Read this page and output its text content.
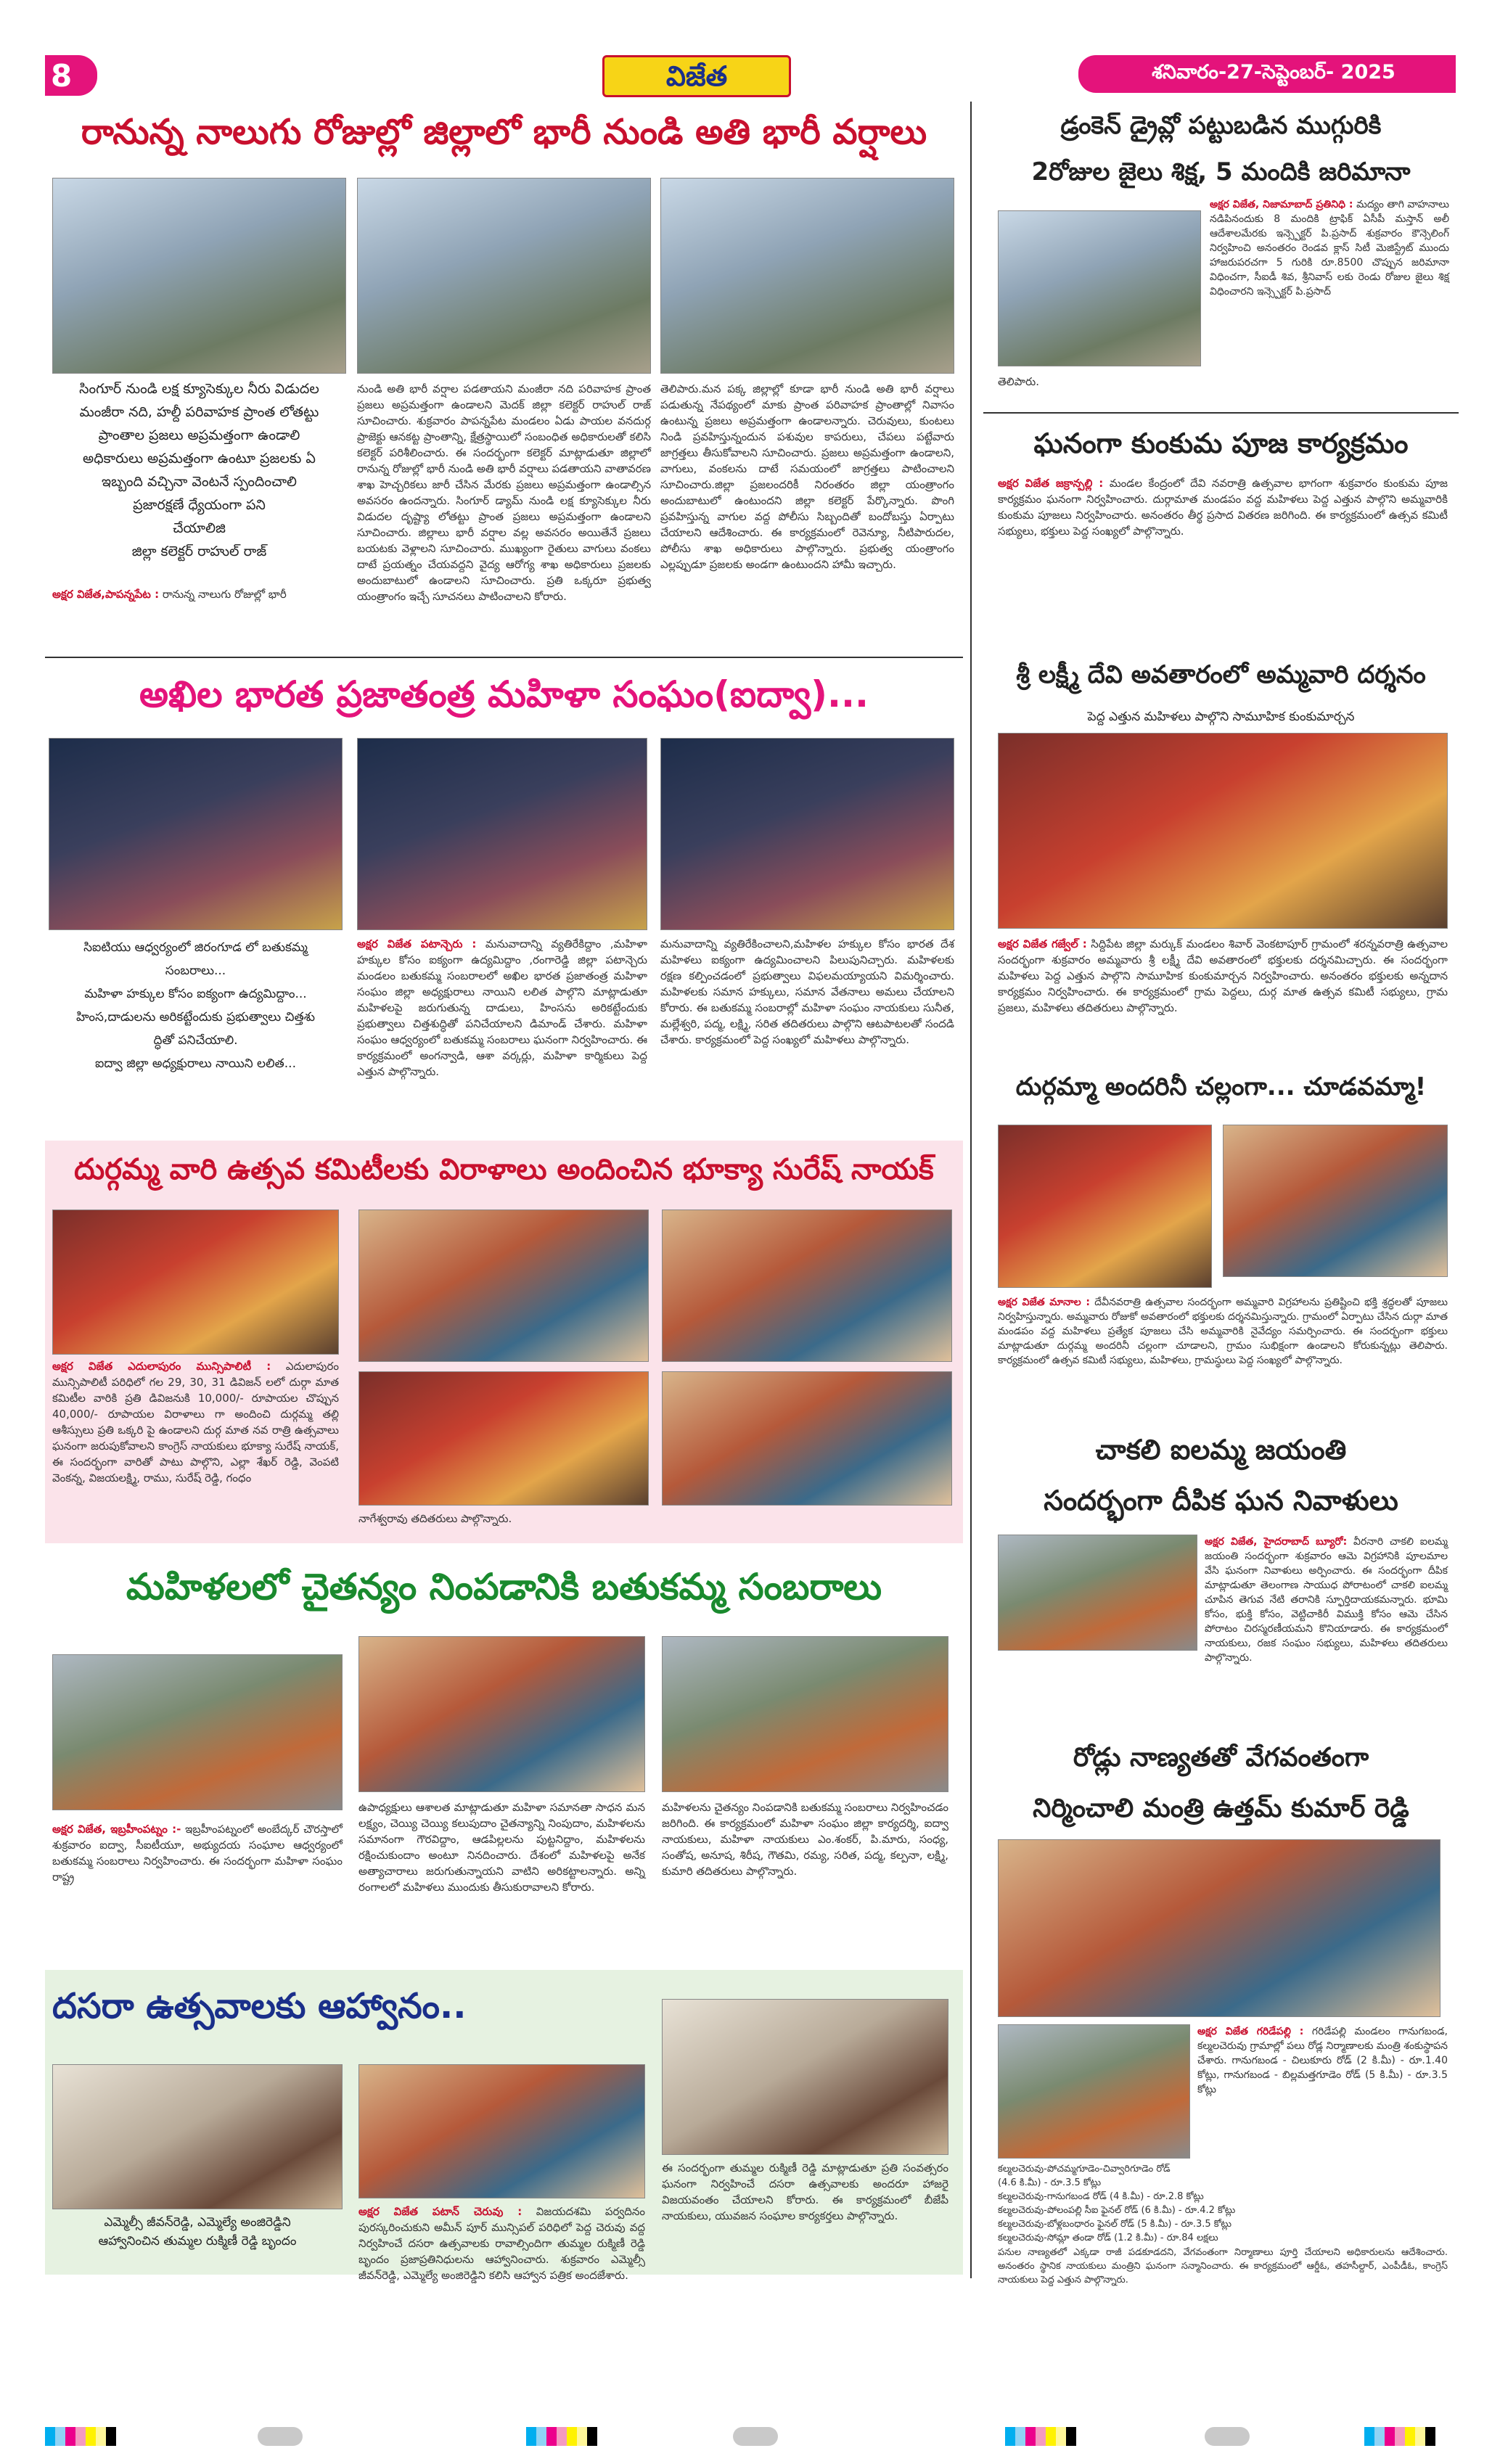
8	విజేత	శనివారం-27-సెప్టెంబర్- 2025
రానున్న నాలుగు రోజుల్లో జిల్లాలో భారీ నుండి అతి భారీ వర్షాలు
సింగూర్ నుండి లక్ష క్యూసెక్కుల నీరు విడుదల
మంజీరా నది, హల్దీ పరివాహక ప్రాంత లోతట్టు
ప్రాంతాల ప్రజలు అప్రమత్తంగా ఉండాలి
అధికారులు అప్రమత్తంగా ఉంటూ ప్రజలకు ఏ
ఇబ్బంది వచ్చినా వెంటనే స్పందించాలి
ప్రజారక్షణే ధ్యేయంగా పని
చేయాలిజి
జిల్లా కలెక్టర్ రాహుల్ రాజ్
అక్షర విజేత,పాపన్నపేట : రానున్న నాలుగు రోజుల్లో భారీ
నుండి అతి భారీ వర్షాల పడతాయని మంజీరా నది పరివాహక ప్రాంత ప్రజలు అప్రమత్తంగా ఉండాలని మెదక్ జిల్లా కలెక్టర్ రాహుల్ రాజ్ సూచించారు. శుక్రవారం పాపన్నపేట మండలం ఏడు పాయల వనదుర్గ ప్రాజెక్టు ఆనకట్ట ప్రాంతాన్ని, క్షేత్రస్థాయిలో సంబంధిత అధికారులతో కలిసి కలెక్టర్ పరిశీలించారు. ఈ సందర్భంగా కలెక్టర్ మాట్లాడుతూ జిల్లాలో రానున్న రోజుల్లో భారీ నుండి అతి భారీ వర్షాలు పడతాయని వాతావరణ శాఖ హెచ్చరికలు జారీ చేసిన మేరకు ప్రజలు అప్రమత్తంగా ఉండాల్సిన అవసరం ఉందన్నారు. సింగూర్ డ్యామ్ నుండి లక్ష క్యూసెక్కుల నీరు విడుదల దృష్ట్యా లోతట్టు ప్రాంత ప్రజలు అప్రమత్తంగా ఉండాలని సూచించారు. జిల్లాలు భారీ వర్షాల వల్ల అవసరం అయితేనే ప్రజలు బయటకు వెళ్లాలని సూచించారు. ముఖ్యంగా రైతులు వాగులు వంకలు దాటే ప్రయత్నం చేయవద్దని వైద్య ఆరోగ్య శాఖ అధికారులు ప్రజలకు అందుబాటులో ఉండాలని సూచించారు. ప్రతి ఒక్కరూ ప్రభుత్వ యంత్రాంగం ఇచ్చే సూచనలు పాటించాలని కోరారు.
తెలిపారు.మన పక్క జిల్లాల్లో కూడా భారీ నుండి అతి భారీ వర్షాలు పడుతున్న నేపథ్యంలో మాకు ప్రాంత పరివాహక ప్రాంతాల్లో నివాసం ఉంటున్న ప్రజలు అప్రమత్తంగా ఉండాలన్నారు. చెరువులు, కుంటలు నిండి ప్రవహిస్తున్నందున పశువుల కాపరులు, చేపలు పట్టేవారు జాగ్రత్తలు తీసుకోవాలని సూచించారు. ప్రజలు అప్రమత్తంగా ఉండాలని, వాగులు, వంకలను దాటే సమయంలో జాగ్రత్తలు పాటించాలని సూచించారు.జిల్లా ప్రజలందరికీ నిరంతరం జిల్లా యంత్రాంగం అందుబాటులో ఉంటుందని జిల్లా కలెక్టర్ పేర్కొన్నారు. పొంగి ప్రవహిస్తున్న వాగుల వద్ద పోలీసు సిబ్బందితో బందోబస్తు ఏర్పాటు చేయాలని ఆదేశించారు. ఈ కార్యక్రమంలో రెవెన్యూ, నీటిపారుదల, పోలీసు శాఖ అధికారులు పాల్గొన్నారు. ప్రభుత్వ యంత్రాంగం ఎల్లప్పుడూ ప్రజలకు అండగా ఉంటుందని హామీ ఇచ్చారు.
అఖిల భారత ప్రజాతంత్ర మహిళా సంఘం(ఐద్వా)...
సిఐటియు ఆధ్వర్యంలో జిరంగూడ లో బతుకమ్మ
సంబరాలు...
మహిళా హక్కుల కోసం ఐక్యంగా ఉద్యమిద్దాం...
హింస,దాడులను అరికట్టేందుకు ప్రభుత్వాలు చిత్తశు
ద్ధితో పనిచేయాలి.
ఐద్వా జిల్లా అధ్యక్షురాలు నాయిని లలిత...
అక్షర విజేత పటాన్చెరు : మనువాదాన్ని వ్యతిరేకిద్దాం ,మహిళా హక్కుల కోసం ఐక్యంగా ఉద్యమిద్దాం ,రంగారెడ్డి జిల్లా పటాన్చెరు మండలం బతుకమ్మ సంబరాలలో అఖిల భారత ప్రజాతంత్ర మహిళా సంఘం జిల్లా అధ్యక్షురాలు నాయిని లలిత పాల్గొని మాట్లాడుతూ మహిళలపై జరుగుతున్న దాడులు, హింసను అరికట్టేందుకు ప్రభుత్వాలు చిత్తశుద్ధితో పనిచేయాలని డిమాండ్ చేశారు. మహిళా సంఘం ఆధ్వర్యంలో బతుకమ్మ సంబరాలు ఘనంగా నిర్వహించారు. ఈ కార్యక్రమంలో అంగన్వాడి, ఆశా వర్కర్లు, మహిళా కార్మికులు పెద్ద ఎత్తున పాల్గొన్నారు.
మనువాదాన్ని వ్యతిరేకించాలని,మహిళల హక్కుల కోసం భారత దేశ మహిళలు ఐక్యంగా ఉద్యమించాలని పిలుపునిచ్చారు. మహిళలకు రక్షణ కల్పించడంలో ప్రభుత్వాలు విఫలమయ్యాయని విమర్శించారు. మహిళలకు సమాన హక్కులు, సమాన వేతనాలు అమలు చేయాలని కోరారు. ఈ బతుకమ్మ సంబరాల్లో మహిళా సంఘం నాయకులు సునీత, మల్లేశ్వరి, పద్మ, లక్ష్మి, సరిత తదితరులు పాల్గొని ఆటపాటలతో సందడి చేశారు. కార్యక్రమంలో పెద్ద సంఖ్యలో మహిళలు పాల్గొన్నారు.
దుర్గమ్మ వారి ఉత్సవ కమిటీలకు విరాళాలు అందించిన భూక్యా సురేష్ నాయక్
అక్షర విజేత ఎదులాపురం మున్సిపాలిటీ : ఎదులాపురం మున్సిపాలిటీ పరిధిలో గల 29, 30, 31 డివిజన్ లలో దుర్గా మాత కమిటీల వారికి ప్రతి డివిజనుకి 10,000/- రూపాయల చొప్పున 40,000/- రూపాయల విరాళాలు గా అందించి దుర్గమ్మ తల్లి ఆశీస్సులు ప్రతి ఒక్కరి పై ఉండాలని దుర్గ మాత నవ రాత్రి ఉత్సవాలు ఘనంగా జరుపుకోవాలని కాంగ్రెస్ నాయకులు భూక్యా సురేష్ నాయక్, ఈ సందర్భంగా వారితో పాటు పాల్గొని, ఎల్లా శేఖర్ రెడ్డి, వెంపటి వెంకన్న, విజయలక్ష్మి, రాము, సురేష్ రెడ్డి, గంధం
నాగేశ్వరావు తదితరులు పాల్గొన్నారు.
మహిళలలో చైతన్యం నింపడానికి బతుకమ్మ సంబరాలు
అక్షర విజేత, ఇబ్రహీంపట్నం :- ఇబ్రహీంపట్నంలో అంబేద్కర్ చౌరస్తాలో శుక్రవారం ఐద్వా, సీఐటీయూ, అభ్యుదయ సంఘాల ఆధ్వర్యంలో బతుకమ్మ సంబరాలు నిర్వహించారు. ఈ సందర్భంగా మహిళా సంఘం రాష్ట్ర
ఉపాధ్యక్షులు ఆశాలత మాట్లాడుతూ మహిళా సమానతా సాధన మన లక్ష్యం, చెయ్యి చెయ్యి కలుపుదాం చైతన్యాన్ని నింపుదాం, మహిళలను సమానంగా గౌరవిద్దాం, ఆడపిల్లలను పుట్టనిద్దాం, మహిళలను రక్షించుకుందాం అంటూ నినదించారు. దేశంలో మహిళలపై అనేక అత్యాచారాలు జరుగుతున్నాయని వాటిని అరికట్టాలన్నారు. అన్ని రంగాలలో మహిళలు ముందుకు తీసుకురావాలని కోరారు.
మహిళలను చైతన్యం నింపడానికి బతుకమ్మ సంబరాలు నిర్వహించడం జరిగింది. ఈ కార్యక్రమంలో మహిళా సంఘం జిల్లా కార్యదర్శి, ఐద్వా నాయకులు, మహిళా నాయకులు ఎం.శంకర్, పి.మారు, సంధ్య, సంతోష, అనూష, శిరీష, గౌతమి, రమ్య, సరిత, పద్మ, కల్పనా, లక్ష్మి, కుమారి తదితరులు పాల్గొన్నారు.
దసరా ఉత్సవాలకు ఆహ్వానం..
ఎమ్మెల్సీ జీవన్‌రెడ్డి, ఎమ్మెల్యే అంజిరెడ్డిని
ఆహ్వానించిన తుమ్మల రుక్మిణీ రెడ్డి బృందం
అక్షర విజేత పటాన్ చెరువు : విజయదశమి పర్వదినం పురస్కరించుకుని అమీన్ పూర్ మున్సిపల్ పరిధిలో పెద్ద చెరువు వద్ద నిర్వహించే దసరా ఉత్సవాలకు రావాల్సిందిగా తుమ్మల రుక్మిణీ రెడ్డి బృందం ప్రజాప్రతినిధులను ఆహ్వానించారు. శుక్రవారం ఎమ్మెల్సీ జీవన్‌రెడ్డి, ఎమ్మెల్యే అంజిరెడ్డిని కలిసి ఆహ్వాన పత్రిక అందజేశారు.
ఈ సందర్భంగా తుమ్మల రుక్మిణీ రెడ్డి మాట్లాడుతూ ప్రతి సంవత్సరం ఘనంగా నిర్వహించే దసరా ఉత్సవాలకు అందరూ హాజరై విజయవంతం చేయాలని కోరారు. ఈ కార్యక్రమంలో బీజేపీ నాయకులు, యువజన సంఘాల కార్యకర్తలు పాల్గొన్నారు.
డ్రంకెన్ డ్రైవ్లో పట్టుబడిన ముగ్గురికి
2రోజుల జైలు శిక్ష, 5 మందికి జరిమానా
అక్షర విజేత, నిజామాబాద్ ప్రతినిధి : మద్యం తాగి వాహనాలు నడిపినందుకు 8 మందికి ట్రాఫిక్ ఏసీపీ మస్తాన్ అలీ ఆదేశాలమేరకు ఇన్స్పెక్టర్ పి.ప్రసాద్ శుక్రవారం కౌన్సెలింగ్ నిర్వహించి అనంతరం రెండవ క్లాస్ సిటీ మెజిస్ట్రేట్ ముందు హాజరుపరచగా 5 గురికి రూ.8500 చొప్పున జరిమానా విధించగా, సీఐడీ శివ, శ్రీనివాస్ లకు రెండు రోజుల జైలు శిక్ష విధించారని ఇన్స్పెక్టర్ పి.ప్రసాద్
తెలిపారు.
ఘనంగా కుంకుమ పూజ కార్యక్రమం
అక్షర విజేత జక్రాన్పల్లి : మండల కేంద్రంలో దేవి నవరాత్రి ఉత్సవాల భాగంగా శుక్రవారం కుంకుమ పూజ కార్యక్రమం ఘనంగా నిర్వహించారు. దుర్గామాత మండపం వద్ద మహిళలు పెద్ద ఎత్తున పాల్గొని అమ్మవారికి కుంకుమ పూజలు నిర్వహించారు. అనంతరం తీర్థ ప్రసాద వితరణ జరిగింది. ఈ కార్యక్రమంలో ఉత్సవ కమిటీ సభ్యులు, భక్తులు పెద్ద సంఖ్యలో పాల్గొన్నారు.
శ్రీ లక్ష్మీ దేవి అవతారంలో అమ్మవారి దర్శనం
పెద్ద ఎత్తున మహిళలు పాల్గొని సామూహిక కుంకుమార్చన
అక్షర విజేత గజ్వేల్ : సిద్దిపేట జిల్లా మర్కుక్ మండలం శివార్ వెంకటాపూర్ గ్రామంలో శరన్నవరాత్రి ఉత్సవాల సందర్భంగా శుక్రవారం అమ్మవారు శ్రీ లక్ష్మీ దేవి అవతారంలో భక్తులకు దర్శనమిచ్చారు. ఈ సందర్భంగా మహిళలు పెద్ద ఎత్తున పాల్గొని సామూహిక కుంకుమార్చన నిర్వహించారు. అనంతరం భక్తులకు అన్నదాన కార్యక్రమం నిర్వహించారు. ఈ కార్యక్రమంలో గ్రామ పెద్దలు, దుర్గ మాత ఉత్సవ కమిటీ సభ్యులు, గ్రామ ప్రజలు, మహిళలు తదితరులు పాల్గొన్నారు.
దుర్గమ్మా అందరినీ చల్లంగా... చూడవమ్మా!
అక్షర విజేత మానాల : దేవీనవరాత్రి ఉత్సవాల సందర్భంగా అమ్మవారి విగ్రహాలను ప్రతిష్టించి భక్తి శ్రద్ధలతో పూజలు నిర్వహిస్తున్నారు. అమ్మవారు రోజుకో అవతారంలో భక్తులకు దర్శనమిస్తున్నారు. గ్రామంలో ఏర్పాటు చేసిన దుర్గా మాత మండపం వద్ద మహిళలు ప్రత్యేక పూజలు చేసి అమ్మవారికి నైవేద్యం సమర్పించారు. ఈ సందర్భంగా భక్తులు మాట్లాడుతూ దుర్గమ్మ అందరినీ చల్లంగా చూడాలని, గ్రామం సుభిక్షంగా ఉండాలని కోరుకున్నట్లు తెలిపారు. కార్యక్రమంలో ఉత్సవ కమిటీ సభ్యులు, మహిళలు, గ్రామస్థులు పెద్ద సంఖ్యలో పాల్గొన్నారు.
చాకలి ఐలమ్మ జయంతి
సందర్భంగా దీపిక ఘన నివాళులు
అక్షర విజేత, హైదరాబాద్ బ్యూరో: వీరనారి చాకలి ఐలమ్మ జయంతి సందర్భంగా శుక్రవారం ఆమె విగ్రహానికి పూలమాల వేసి ఘనంగా నివాళులు అర్పించారు. ఈ సందర్భంగా దీపిక మాట్లాడుతూ తెలంగాణ సాయుధ పోరాటంలో చాకలి ఐలమ్మ చూపిన తెగువ నేటి తరానికి స్ఫూర్తిదాయకమన్నారు. భూమి కోసం, భుక్తి కోసం, వెట్టిచాకిరీ విముక్తి కోసం ఆమె చేసిన పోరాటం చిరస్మరణీయమని కొనియాడారు. ఈ కార్యక్రమంలో నాయకులు, రజక సంఘం సభ్యులు, మహిళలు తదితరులు పాల్గొన్నారు.
రోడ్లు నాణ్యతతో వేగవంతంగా
నిర్మించాలి మంత్రి ఉత్తమ్ కుమార్ రెడ్డి
అక్షర విజేత గరిడేపల్లి : గరిడేపల్లి మండలం గానుగబండ, కల్మలచెరువు గ్రామాల్లో పలు రోడ్ల నిర్మాణాలకు మంత్రి శంకుస్థాపన చేశారు. గానుగబండ - చిలుకూరు రోడ్ (2 కి.మీ) - రూ.1.40 కోట్లు, గానుగబండ - బిల్లమత్తగూడెం రోడ్ (5 కి.మీ) - రూ.3.5 కోట్లు
కల్మలచెరువు-పోచమ్మగూడెం-చివ్వారిగూడెం రోడ్
(4.6 కి.మీ) - రూ.3.5 కోట్లు
కల్మలచెరువు-గానుగబండ రోడ్ (4 కి.మీ) - రూ.2.8 కోట్లు
కల్మలచెరువు-పోలంపల్లి సీఐ ఫైనల్ రోడ్ (6 కి.మీ) - రూ.4.2 కోట్లు
కల్మలచెరువు-బోళ్లబంధారం ఫైనల్ రోడ్ (5 కి.మీ) - రూ.3.5 కోట్లు
కల్మలచెరువు-సోమ్లా తండా రోడ్ (1.2 కి.మీ) - రూ.84 లక్షలు
పనుల నాణ్యతలో ఎక్కడా రాజీ పడకూడదని, వేగవంతంగా నిర్మాణాలు పూర్తి చేయాలని అధికారులను ఆదేశించారు. అనంతరం స్థానిక నాయకులు మంత్రిని ఘనంగా సన్మానించారు. ఈ కార్యక్రమంలో ఆర్డీఓ, తహసీల్దార్, ఎంపీడీఓ, కాంగ్రెస్ నాయకులు పెద్ద ఎత్తున పాల్గొన్నారు.
